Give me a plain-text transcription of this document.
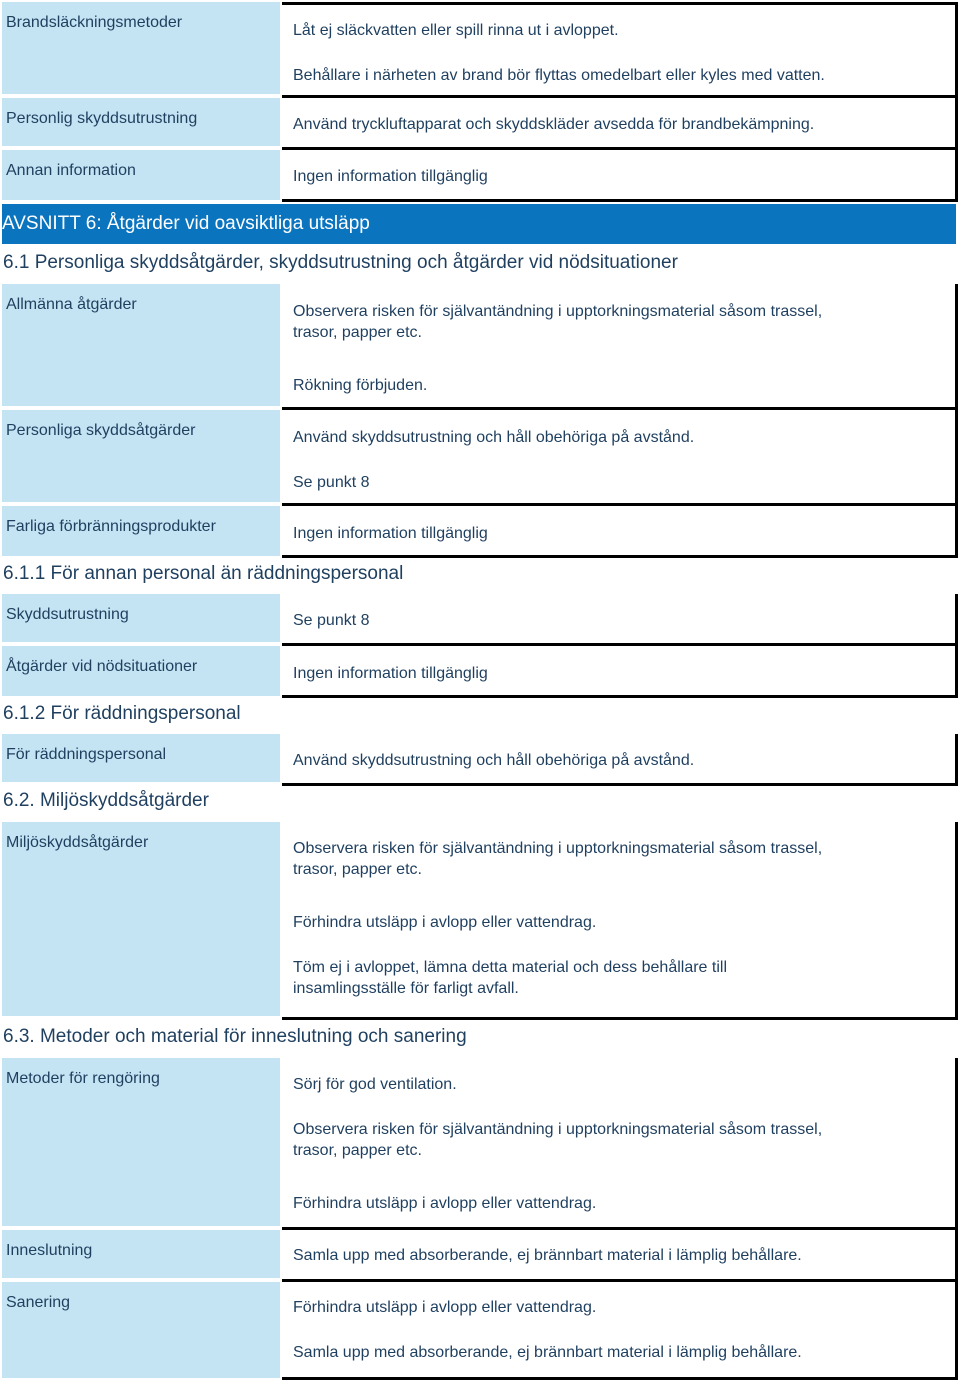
Brandsläckningsmetoder	Låt ej släckvatten eller spill rinna ut i avloppet.

Behållare i närheten av brand bör flyttas omedelbart eller kyles med vatten.

Personlig skyddsutrustning	Använd tryckluftapparat och skyddskläder avsedda för brandbekämpning.

Annan information	Ingen information tillgänglig

AVSNITT 6: Åtgärder vid oavsiktliga utsläpp
6.1 Personliga skyddsåtgärder, skyddsutrustning och åtgärder vid nödsituationer
Allmänna åtgärder	Observera risken för självantändning i upptorkningsmaterial såsom trassel,

trasor, papper etc.

Rökning förbjuden.

Personliga skyddsåtgärder	Använd skyddsutrustning och håll obehöriga på avstånd.

Se punkt 8

Farliga förbränningsprodukter	Ingen information tillgänglig

6.1.1 För annan personal än räddningspersonal
Skyddsutrustning	Se punkt 8

Åtgärder vid nödsituationer	Ingen information tillgänglig

6.1.2 För räddningspersonal
För räddningspersonal	Använd skyddsutrustning och håll obehöriga på avstånd.

6.2. Miljöskyddsåtgärder
Miljöskyddsåtgärder	Observera risken för självantändning i upptorkningsmaterial såsom trassel,

trasor, papper etc.

Förhindra utsläpp i avlopp eller vattendrag.

Töm ej i avloppet, lämna detta material och dess behållare till

insamlingsställe för farligt avfall.

6.3. Metoder och material för inneslutning och sanering
Metoder för rengöring	Sörj för god ventilation.

Observera risken för självantändning i upptorkningsmaterial såsom trassel,

trasor, papper etc.

Förhindra utsläpp i avlopp eller vattendrag.

Inneslutning	Samla upp med absorberande, ej brännbart material i lämplig behållare.

Sanering	Förhindra utsläpp i avlopp eller vattendrag.

Samla upp med absorberande, ej brännbart material i lämplig behållare.
